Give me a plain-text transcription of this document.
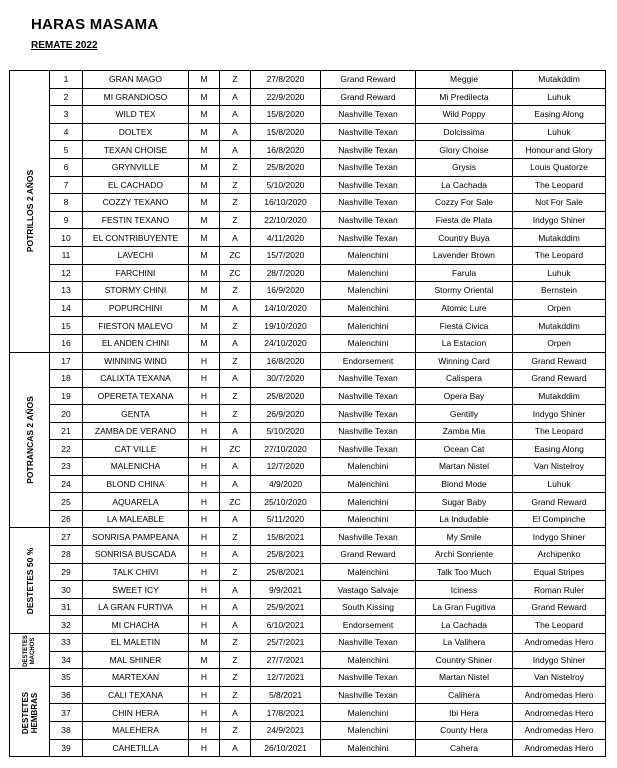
HARAS MASAMA
REMATE 2022
POTRILLOS 2 AÑOS	1	GRAN MAGO	M	Z	27/8/2020	Grand Reward	Meggie	Mutakddim
	2	MI GRANDIOSO	M	A	22/9/2020	Grand Reward	Mi Predilecta	Luhuk
	3	WILD TEX	M	A	15/8/2020	Nashville Texan	Wild Poppy	Easing Along
	4	DOLTEX	M	A	15/8/2020	Nashville Texan	Dolcissima	Luhuk
	5	TEXAN CHOISE	M	A	16/8/2020	Nashville Texan	Glory Choise	Honour and Glory
	6	GRYNVILLE	M	Z	25/8/2020	Nashville Texan	Grysis	Louis Quatorze
	7	EL CACHADO	M	Z	5/10/2020	Nashville Texan	La Cachada	The Leopard
	8	COZZY TEXANO	M	Z	16/10/2020	Nashville Texan	Cozzy For Sale	Not For Sale
	9	FESTIN TEXANO	M	Z	22/10/2020	Nashville Texan	Fiesta de Plata	Indygo Shiner
	10	EL CONTRIBUYENTE	M	A	4/11/2020	Nashville Texan	Country Buya	Mutakddim
	11	LAVECHI	M	ZC	15/7/2020	Malenchini	Lavender Brown	The Leopard
	12	FARCHINI	M	ZC	28/7/2020	Malenchini	Farula	Luhuk
	13	STORMY CHINI	M	Z	16/9/2020	Malenchini	Stormy Oriental	Bernstein
	14	POPURCHINI	M	A	14/10/2020	Malenchini	Atomic Lure	Orpen
	15	FIESTON MALEVO	M	Z	19/10/2020	Malenchini	Fiesta Civica	Mutakddim
	16	EL ANDEN CHINI	M	A	24/10/2020	Malenchini	La Estacion	Orpen

POTRANCAS 2 AÑOS	17	WINNING WIND	H	Z	16/8/2020	Endorsement	Winning Card	Grand Reward
	18	CALIXTA TEXANA	H	A	30/7/2020	Nashville Texan	Calispera	Grand Reward
	19	OPERETA TEXANA	H	Z	25/8/2020	Nashville Texan	Opera Bay	Mutakddim
	20	GENTA	H	Z	26/9/2020	Nashville Texan	Gentilly	Indygo Shiner
	21	ZAMBA DE VERANO	H	A	5/10/2020	Nashville Texan	Zamba Mia	The Leopard
	22	CAT VILLE	H	ZC	27/10/2020	Nashville Texan	Ocean Cat	Easing Along
	23	MALENICHA	H	A	12/7/2020	Malenchini	Martan Nistel	Van Nistelroy
	24	BLOND CHINA	H	A	4/9/2020	Malenchini	Blond Mode	Luhuk
	25	AQUARELA	H	ZC	25/10/2020	Malenchini	Sugar Baby	Grand Reward
	26	LA MALEABLE	H	A	5/11/2020	Malenchini	La Indudable	El Compinche

DESTETES 50 %	27	SONRISA PAMPEANA	H	Z	15/8/2021	Nashville Texan	My Smile	Indygo Shiner
	28	SONRISA BUSCADA	H	A	25/8/2021	Grand Reward	Archi Sonriente	Archipenko
	29	TALK CHIVI	H	Z	25/8/2021	Malenchini	Talk Too Much	Equal Stripes
	30	SWEET ICY	H	A	9/9/2021	Vastago Salvaje	Iciness	Roman Ruler
	31	LA GRAN FURTIVA	H	A	25/9/2021	South Kissing	La Gran Fugitiva	Grand Reward
	32	MI CHACHA	H	A	6/10/2021	Endorsement	La Cachada	The Leopard

DESTETES
MACHOS	33	EL MALETIN	M	Z	25/7/2021	Nashville Texan	La Valihera	Andromedas Hero
	34	MAL SHINER	M	Z	27/7/2021	Malenchini	Country Shiner	Indygo Shiner

DESTETES
HEMBRAS	35	MARTEXAN	H	Z	12/7/2021	Nashville Texan	Martan Nistel	Van Nistelroy
	36	CALI TEXANA	H	Z	5/8/2021	Nashville Texan	Calihera	Andromedas Hero
	37	CHIN HERA	H	A	17/8/2021	Malenchini	Ibi Hera	Andromedas Hero
	38	MALEHERA	H	Z	24/9/2021	Malenchini	County Hera	Andromedas Hero
	39	CAHETILLA	H	A	26/10/2021	Malenchini	Cahera	Andromedas Hero
